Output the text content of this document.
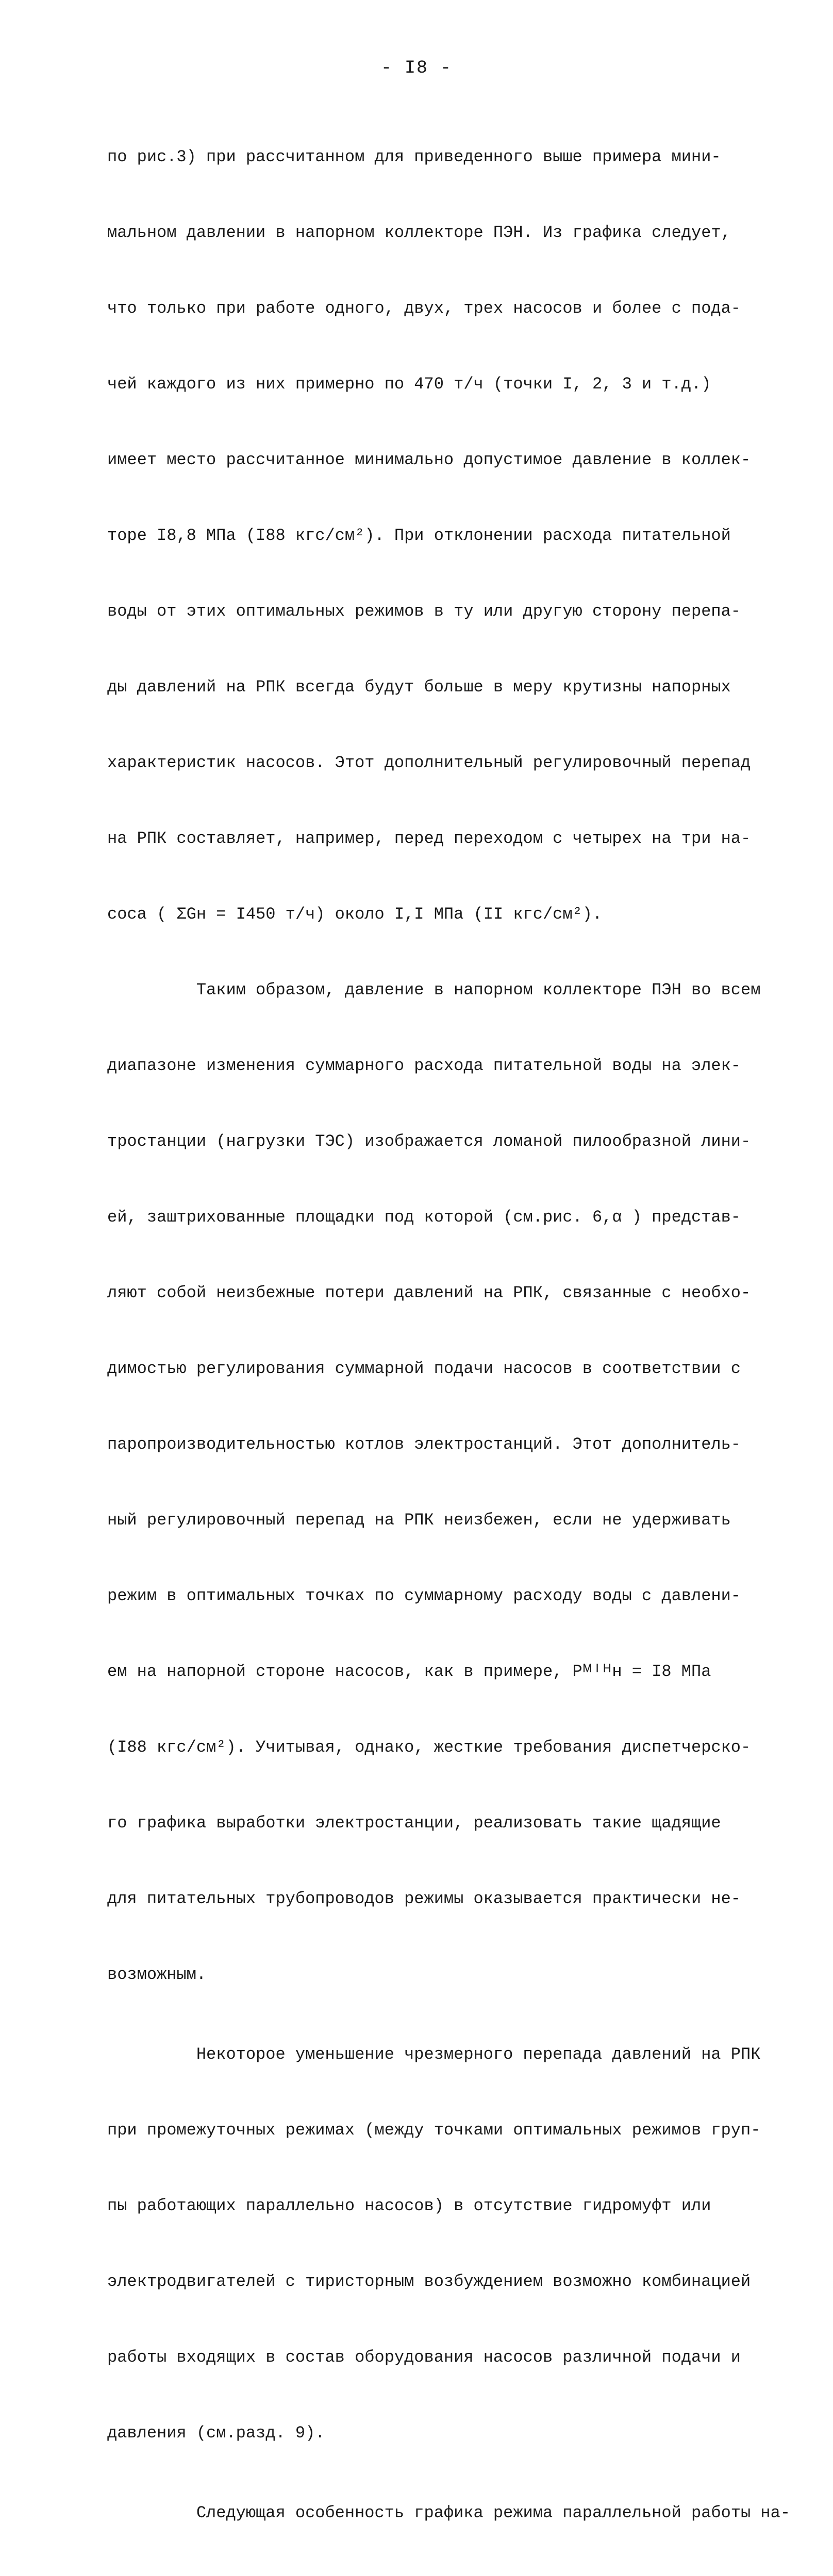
- I8 -

по рис.3) при рассчитанном для приведенного выше примера мини-

мальном давлении в напорном коллекторе ПЭН. Из графика следует,

что только при работе одного, двух, трех насосов и более с пода-

чей каждого из них примерно по 470 т/ч (точки I, 2, 3 и т.д.)

имеет место рассчитанное минимально допустимое давление в коллек-

торе I8,8 МПа (I88 кгс/см²). При отклонении расхода питательной

воды от этих оптимальных режимов в ту или другую сторону перепа-

ды давлений на РПК всегда будут больше в меру крутизны напорных

характеристик насосов. Этот дополнительный регулировочный перепад

на РПК составляет, например, перед переходом с четырех на три на-

соса ( ΣGн = I450 т/ч) около I,I МПа (II кгс/см²).

Таким образом, давление в напорном коллекторе ПЭН во всем

диапазоне изменения суммарного расхода питательной воды на элек-

тростанции (нагрузки ТЭС) изображается ломаной пилообразной лини-

ей, заштрихованные площадки под которой (см.рис. 6,α ) представ-

ляют собой неизбежные потери давлений на РПК, связанные с необхо-

димостью регулирования суммарной подачи насосов в соответствии с

паропроизводительностью котлов электростанций. Этот дополнитель-

ный регулировочный перепад на РПК неизбежен, если не удерживать

режим в оптимальных точках по суммарному расходу воды с давлени-

ем на напорной стороне насосов, как в примере, Pᴹᴵᴴн = I8 МПа

(I88 кгс/см²). Учитывая, однако, жесткие требования диспетчерско-

го графика выработки электростанции, реализовать такие щадящие

для питательных трубопроводов режимы оказывается практически не-

возможным.

Некоторое уменьшение чрезмерного перепада давлений на РПК

при промежуточных режимах (между точками оптимальных режимов груп-

пы работающих параллельно насосов) в отсутствие гидромуфт или

электродвигателей с тиристорным возбуждением возможно комбинацией

работы входящих в состав оборудования насосов различной подачи и

давления (см.разд. 9).

Следующая особенность графика режима параллельной работы на-
